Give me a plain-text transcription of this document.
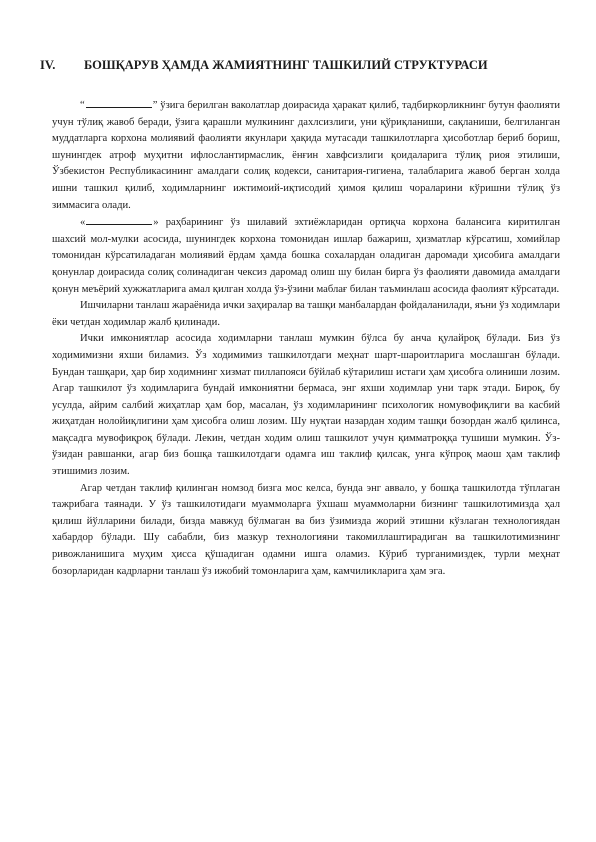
IV.	БОШҚАРУВ ҲАМДА ЖАМИЯТНИНГ ТАШКИЛИЙ СТРУКТУРАСИ

“	” ўзига берилган ваколатлар доирасида ҳаракат қилиб, тадбиркорликнинг бутун фаолияти учун тўлиқ жавоб беради, ўзига қарашли мулкининг дахлсизлиги, уни қўриқланиши, сақланиши, белгиланган муддатларга корхона молиявий фаолияти якунлари ҳақида мутасади ташкилотларга ҳисоботлар бериб бориш, шунингдек атроф муҳитни ифлослантирмаслик, ёнғин хавфсизлиги қоидаларига тўлиқ риоя этилиши, Ўзбекистон Республикасининг амалдаги солиқ кодекси, санитария-гигиена, талабларига жавоб берган холда ишни ташкил қилиб, ходимларнинг ижтимоий-иқтисодий ҳимоя қилиш чораларини кўришни тўлиқ ўз зиммасига олади.

«	» раҳбарининг ўз шилавий эхтиёжларидан ортиқча корхона балансига киритилган шахсий мол-мулки асосида, шунингдек корхона томонидан ишлар бажариш, ҳизматлар кўрсатиш, хомийлар томонидан кўрсатиладаган молиявий ёрдам ҳамда бошка сохалардан оладиган даромади ҳисобига амалдаги қонунлар доирасида солиқ солинадиган чексиз даромад олиш шу билан бирга ўз фаолияти давомида амалдаги қонун меъёрий хужжатларига амал қилган холда ўз-ўзини маблағ билан таъминлаш асосида фаолият кўрсатади.

Ишчиларни танлаш жараёнида ички заҳиралар ва ташқи манбалардан фойдаланилади, яъни ўз ходимлари ёки четдан ходимлар жалб қилинади.

Ички имкониятлар асосида ходимларни танлаш мумкин бўлса бу анча қулайроқ бўлади. Биз ўз ходимимизни яхши биламиз. Ўз ходимимиз ташкилотдаги меҳнат шарт-шароитларига мослашган бўлади. Бундан ташқари, ҳар бир ходимнинг хизмат пиллапояси бўйлаб кўтарилиш истаги ҳам ҳисобга олиниши лозим. Агар ташкилот ўз ходимларига бундай имкониятни бермаса, энг яхши ходимлар уни тарк этади. Бироқ, бу усулда, айрим салбий жиҳатлар ҳам бор, масалан, ўз ходимларининг психологик номувофиқлиги ва касбий жиҳатдан нолойиқлигини ҳам ҳисобга олиш лозим. Шу нуқтаи назардан ходим ташқи бозордан жалб қилинса, мақсадга мувофиқроқ бўлади. Лекин, четдан ходим олиш ташкилот учун қимматроққа тушиши мумкин. Ўз-ўзидан равшанки, агар биз бошқа ташкилотдаги одамга иш таклиф қилсак, унга кўпроқ маош ҳам таклиф этишимиз лозим.

Агар четдан таклиф қилинган номзод бизга мос келса, бунда энг аввало, у бошқа ташкилотда тўплаган тажрибага таянади. У ўз ташкилотидаги муаммоларга ўхшаш муаммоларни бизнинг ташкилотимизда ҳал қилиш йўлларини билади, бизда мавжуд бўлмаган ва биз ўзимизда жорий этишни кўзлаган технологиядан хабардор бўлади. Шу сабабли, биз мазкур технологияни такомиллаштирадиган ва ташкилотимизнинг ривожланишига муҳим ҳисса қўшадиган одамни ишга оламиз. Кўриб турганимиздек, турли меҳнат бозорларидан кадрларни танлаш ўз ижобий томонларига ҳам, камчиликларига ҳам эга.
